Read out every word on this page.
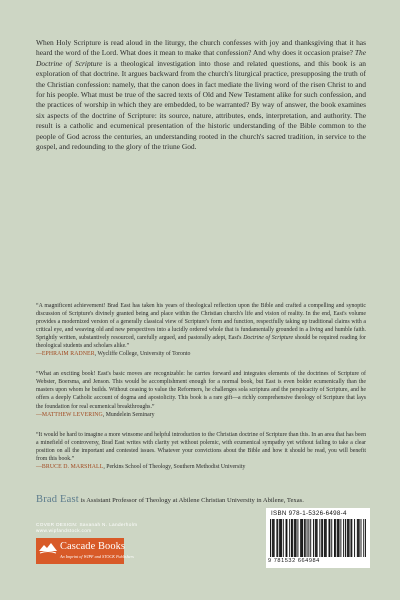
When Holy Scripture is read aloud in the liturgy, the church confesses with joy and thanksgiving that it has heard the word of the Lord. What does it mean to make that confession? And why does it occasion praise? The Doctrine of Scripture is a theological investigation into those and related questions, and this book is an exploration of that doctrine. It argues backward from the church's liturgical practice, presupposing the truth of the Christian confession: namely, that the canon does in fact mediate the living word of the risen Christ to and for his people. What must be true of the sacred texts of Old and New Testament alike for such confession, and the practices of worship in which they are embedded, to be warranted? By way of answer, the book examines six aspects of the doctrine of Scripture: its source, nature, attributes, ends, interpretation, and authority. The result is a catholic and ecumenical presentation of the historic understanding of the Bible common to the people of God across the centuries, an understanding rooted in the church's sacred tradition, in service to the gospel, and redounding to the glory of the triune God.
“A magnificent achievement! Brad East has taken his years of theological reflection upon the Bible and crafted a compelling and synoptic discussion of Scripture's divinely granted being and place within the Christian church's life and vision of reality. In the end, East's volume provides a modernized version of a generally classical view of Scripture's form and function, respectfully taking up traditional claims with a critical eye, and weaving old and new perspectives into a lucidly ordered whole that is fundamentally grounded in a living and humble faith. Sprightly written, substantively resourced, carefully argued, and pastorally adept, East's Doctrine of Scripture should be required reading for theological students and scholars alike.”
—EPHRAIM RADNER, Wycliffe College, University of Toronto
“What an exciting book! East's basic moves are recognizable: he carries forward and integrates elements of the doctrines of Scripture of Webster, Boersma, and Jenson. This would be accomplishment enough for a normal book, but East is even bolder ecumenically than the masters upon whom he builds. Without ceasing to value the Reformers, he challenges sola scriptura and the perspicacity of Scripture, and he offers a deeply Catholic account of dogma and apostolicity. This book is a rare gift—a richly comprehensive theology of Scripture that lays the foundation for real ecumenical breakthroughs.”
—MATTHEW LEVERING, Mundelein Seminary
“It would be hard to imagine a more winsome and helpful introduction to the Christian doctrine of Scripture than this. In an area that has been a minefield of controversy, Brad East writes with clarity yet without polemic, with ecumenical sympathy yet without failing to take a clear position on all the important and contested issues. Whatever your convictions about the Bible and how it should be read, you will benefit from this book.”
—BRUCE D. MARSHALL, Perkins School of Theology, Southern Methodist University
Brad East is Assistant Professor of Theology at Abilene Christian University in Abilene, Texas.
COVER DESIGN: Savanah N. Landerholm
www.wipfandstock.com
Cascade Books
An Imprint of WIPF and STOCK Publishers
ISBN 978-1-5326-6498-4
9 781532 664984
